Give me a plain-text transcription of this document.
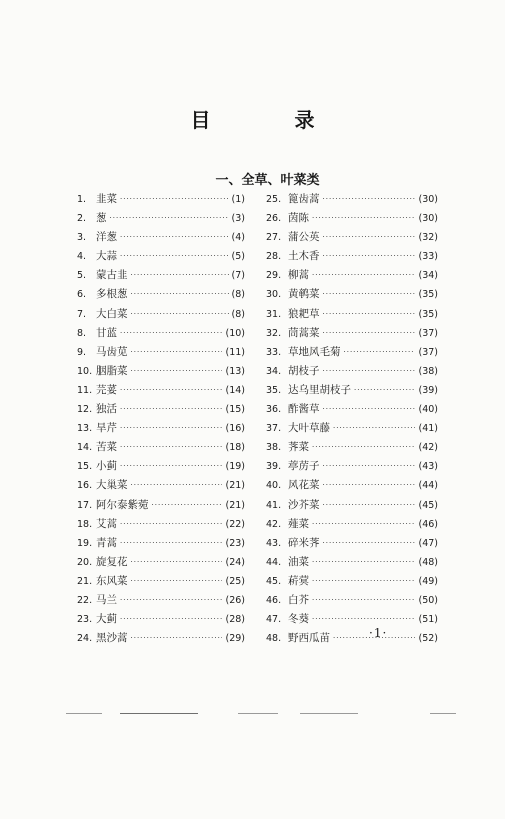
目　录
一、全草、叶菜类
1. 韭菜 ·····	(1)
2. 葱 ·····	(3)
3. 洋葱 ·····	(4)
4. 大蒜 ·····	(5)
5. 蒙古韭 ·····	(7)
6. 多根葱 ·····	(8)
7. 大白菜 ·····	(8)
8. 甘蓝 ·····	(10)
9. 马齿苋 ·····	(11)
10. 胭脂菜 ·····	(13)
11. 芫荽 ·····	(14)
12. 独活 ·····	(15)
13. 旱芹 ·····	(16)
14. 苦菜 ·····	(18)
15. 小蓟 ·····	(19)
16. 大巢菜 ·····	(21)
17. 阿尔泰紫菀 ·····	(21)
18. 艾蒿 ·····	(22)
19. 青蒿 ·····	(23)
20. 旋复花 ·····	(24)
21. 东风菜 ·····	(25)
22. 马兰 ·····	(26)
23. 大蓟 ·····	(28)
24. 黑沙蒿 ·····	(29)
25. 篦齿蒿 ·····	(30)
26. 茵陈 ·····	(30)
27. 蒲公英 ·····	(32)
28. 土木香 ·····	(33)
29. 柳蒿 ·····	(34)
30. 黄鹌菜 ·····	(35)
31. 狼耙草 ·····	(35)
32. 茼蒿菜 ·····	(37)
33. 草地风毛菊 ·····	(37)
34. 胡枝子 ·····	(38)
35. 达乌里胡枝子 ·····	(39)
36. 酢酱草 ·····	(40)
37. 大叶草藤 ·····	(41)
38. 荠菜 ·····	(42)
39. 葶苈子 ·····	(43)
40. 风花菜 ·····	(44)
41. 沙芥菜 ·····	(45)
42. 薤菜 ·····	(46)
43. 碎米荠 ·····	(47)
44. 油菜 ·····	(48)
45. 菥蓂 ·····	(49)
46. 白芥 ·····	(50)
47. 冬葵 ·····	(51)
48. 野西瓜苗 ·····	(52)
·1·
